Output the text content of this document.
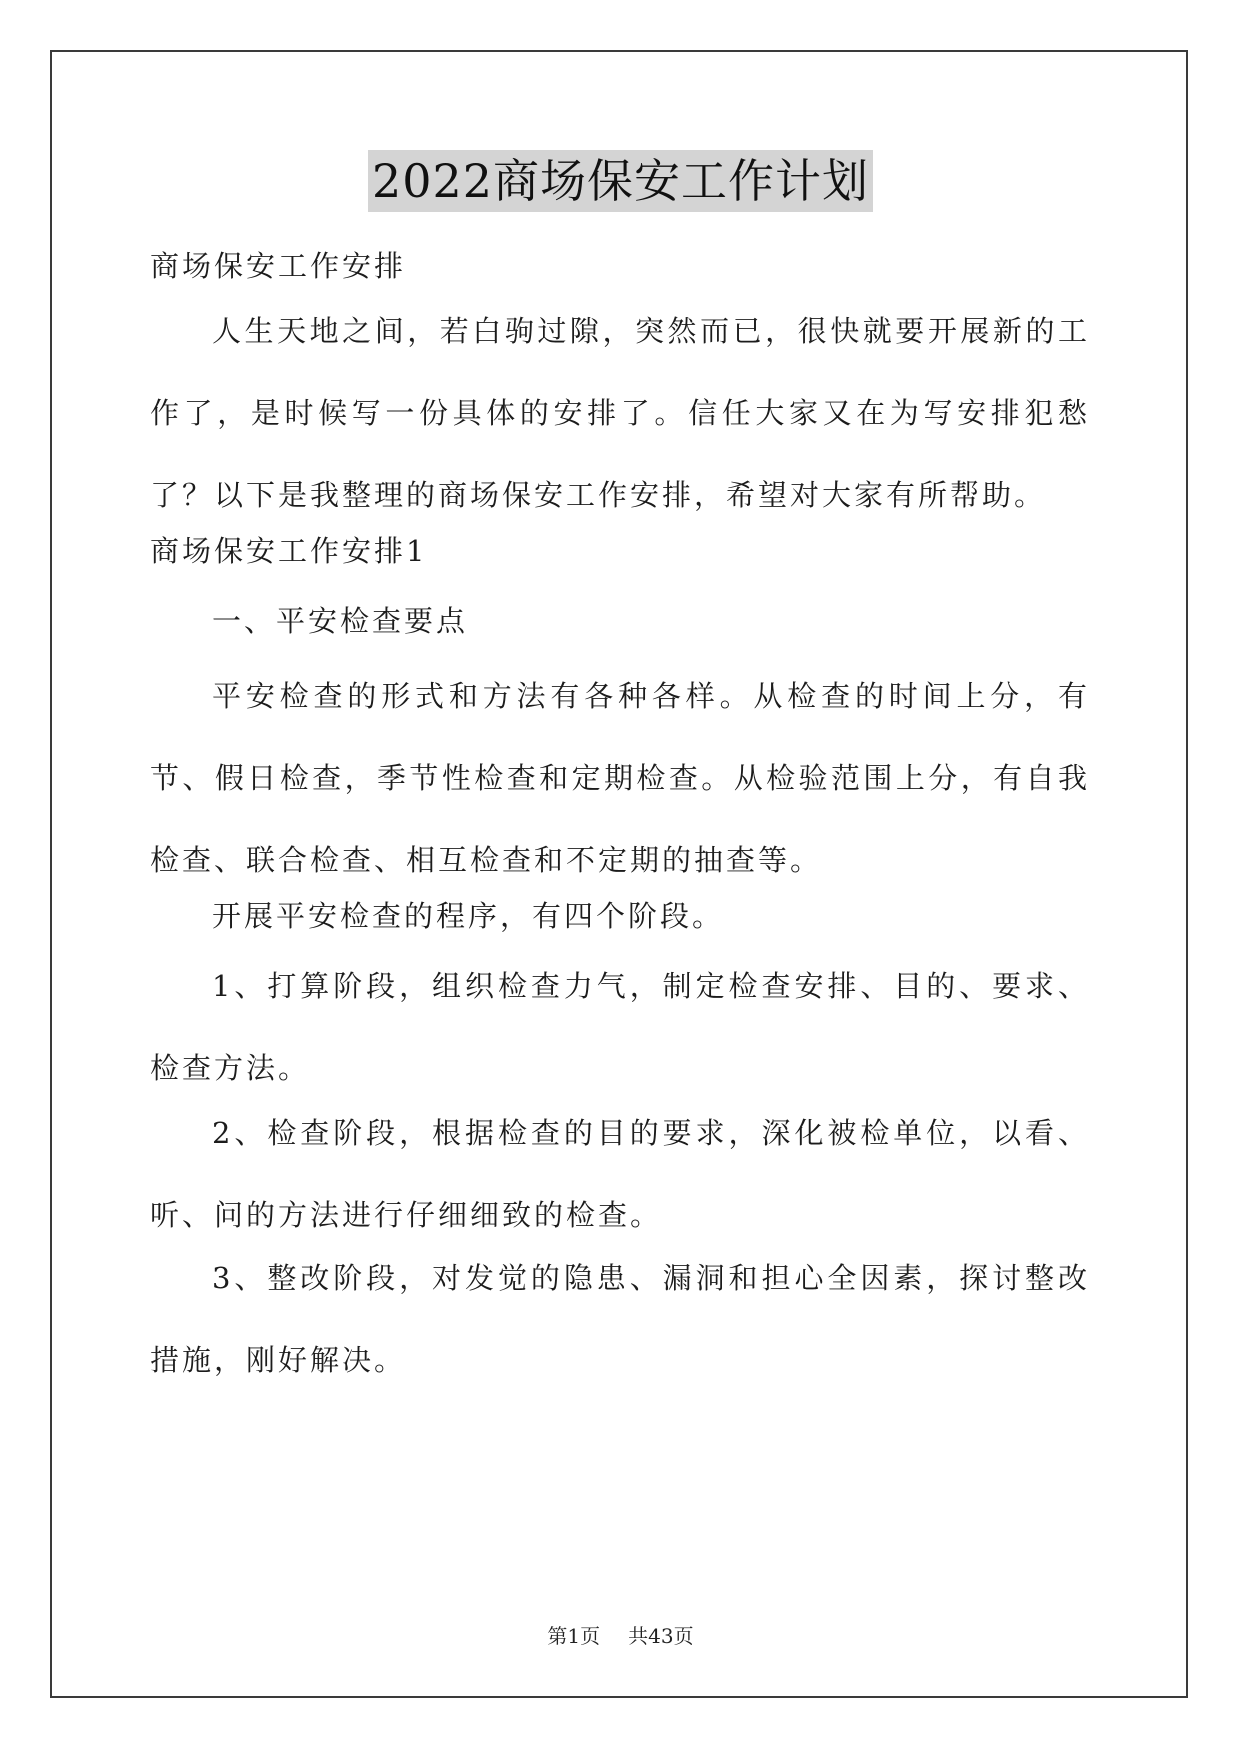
2022商场保安工作计划

商场保安工作安排

人生天地之间，若白驹过隙，突然而已，很快就要开展新的工作了，是时候写一份具体的安排了。信任大家又在为写安排犯愁了？以下是我整理的商场保安工作安排，希望对大家有所帮助。

商场保安工作安排1

一、平安检查要点

平安检查的形式和方法有各种各样。从检查的时间上分，有节、假日检查，季节性检查和定期检查。从检验范围上分，有自我检查、联合检查、相互检查和不定期的抽查等。

开展平安检查的程序，有四个阶段。

1、打算阶段，组织检查力气，制定检查安排、目的、要求、检查方法。

2、检查阶段，根据检查的目的要求，深化被检单位，以看、听、问的方法进行仔细细致的检查。

3、整改阶段，对发觉的隐患、漏洞和担心全因素，探讨整改措施，刚好解决。

第1页 共43页
